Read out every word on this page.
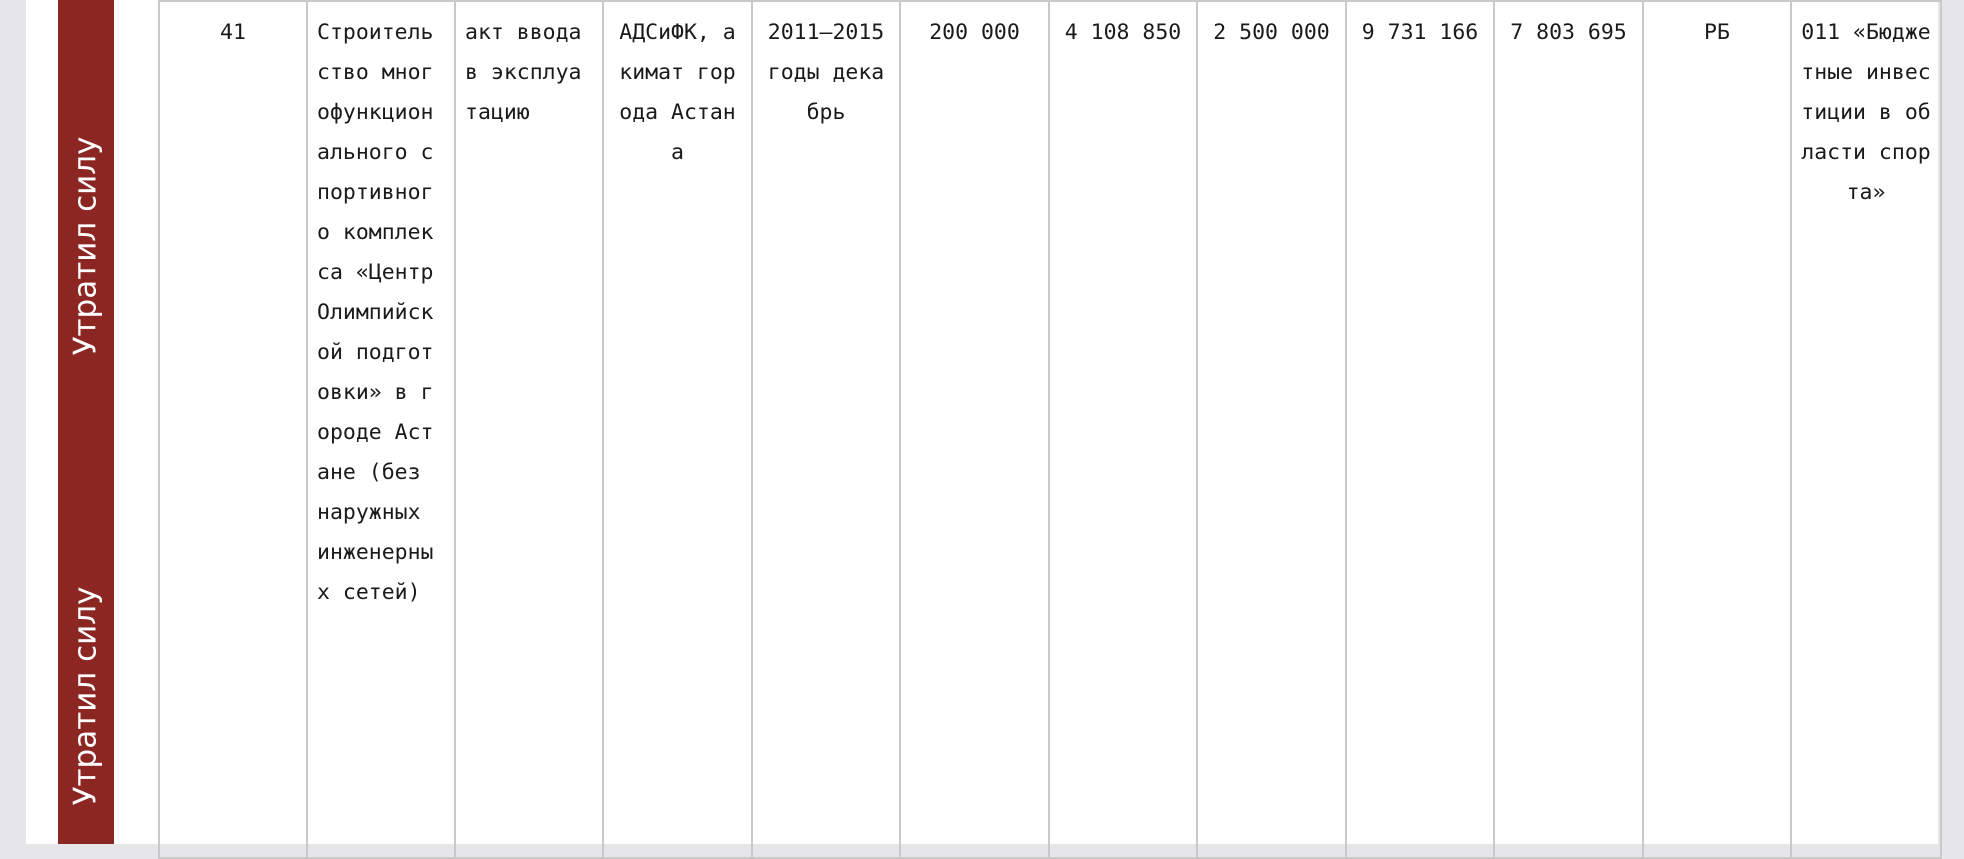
Утратил силу
Утратил силу
41	Строительство многофункционального спортивного комплекса «Центр Олимпийской подготовки» в городе Астане (без наружных инженерных сетей)	акт ввода в эксплуатацию	АДСиФК, акимат города Астана	2011–2015 годы декабрь	200 000	4 108 850	2 500 000	9 731 166	7 803 695	РБ	011 «Бюджетные инвестиции в области спорта»
